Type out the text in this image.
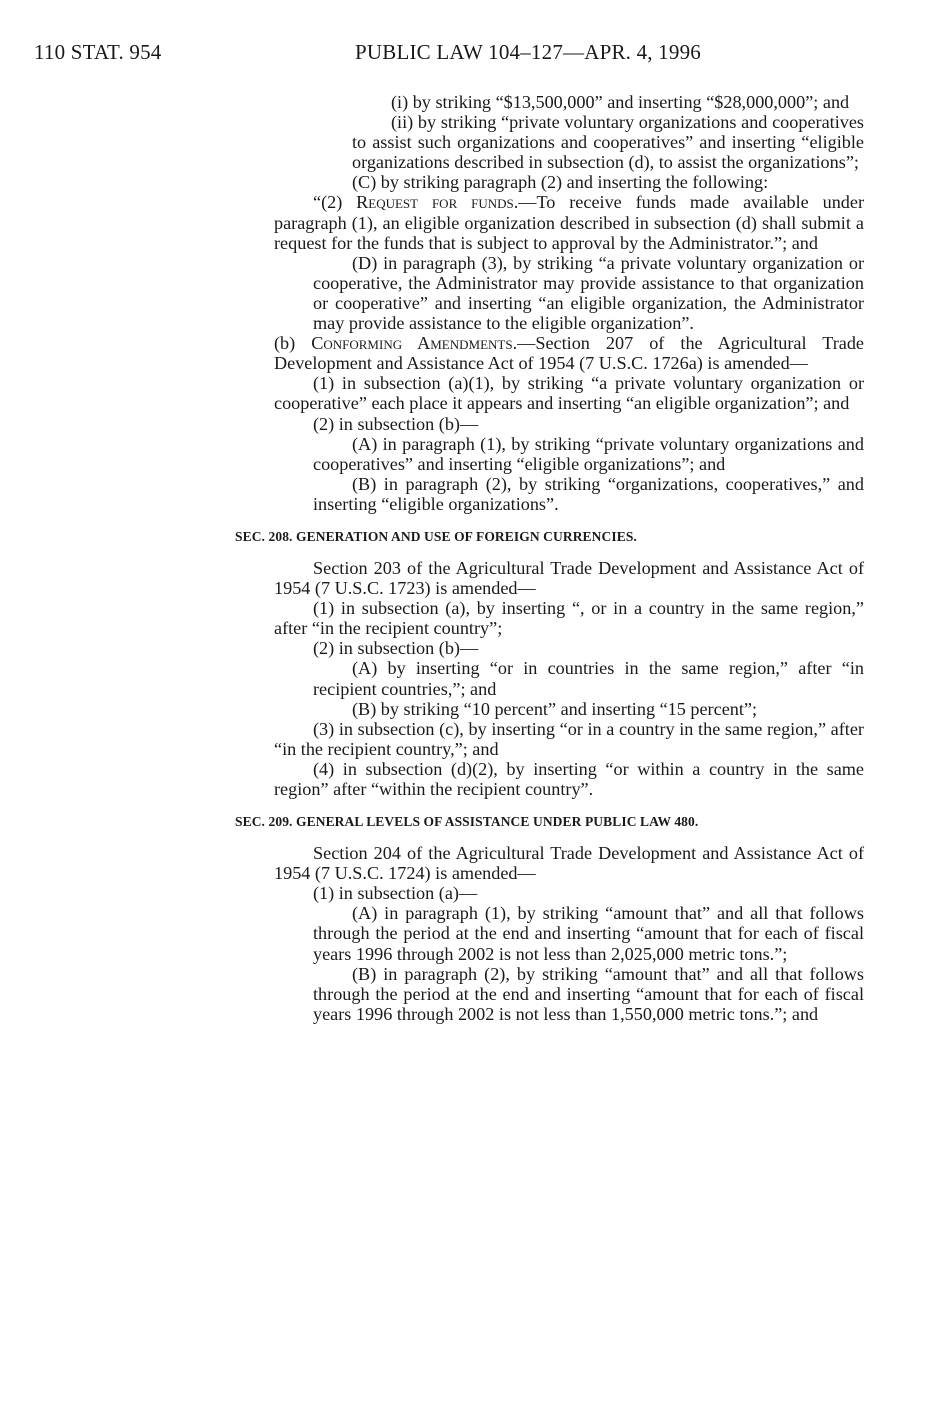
110 STAT. 954	PUBLIC LAW 104–127—APR. 4, 1996

(i) by striking “$13,500,000” and inserting “$28,000,000”; and

(ii) by striking “private voluntary organizations and cooperatives to assist such organizations and cooperatives” and inserting “eligible organizations described in subsection (d), to assist the organizations”;

(C) by striking paragraph (2) and inserting the following:

“(2) Request for funds.—To receive funds made available under paragraph (1), an eligible organization described in subsection (d) shall submit a request for the funds that is subject to approval by the Administrator.”; and

(D) in paragraph (3), by striking “a private voluntary organization or cooperative, the Administrator may provide assistance to that organization or cooperative” and inserting “an eligible organization, the Administrator may provide assistance to the eligible organization”.

(b) Conforming Amendments.—Section 207 of the Agricultural Trade Development and Assistance Act of 1954 (7 U.S.C. 1726a) is amended—

(1) in subsection (a)(1), by striking “a private voluntary organization or cooperative” each place it appears and inserting “an eligible organization”; and

(2) in subsection (b)—

(A) in paragraph (1), by striking “private voluntary organizations and cooperatives” and inserting “eligible organizations”; and

(B) in paragraph (2), by striking “organizations, cooperatives,” and inserting “eligible organizations”.

SEC. 208. GENERATION AND USE OF FOREIGN CURRENCIES.

Section 203 of the Agricultural Trade Development and Assistance Act of 1954 (7 U.S.C. 1723) is amended—

(1) in subsection (a), by inserting “, or in a country in the same region,” after “in the recipient country”;

(2) in subsection (b)—

(A) by inserting “or in countries in the same region,” after “in recipient countries,”; and

(B) by striking “10 percent” and inserting “15 percent”;

(3) in subsection (c), by inserting “or in a country in the same region,” after “in the recipient country,”; and

(4) in subsection (d)(2), by inserting “or within a country in the same region” after “within the recipient country”.

SEC. 209. GENERAL LEVELS OF ASSISTANCE UNDER PUBLIC LAW 480.

Section 204 of the Agricultural Trade Development and Assistance Act of 1954 (7 U.S.C. 1724) is amended—

(1) in subsection (a)—

(A) in paragraph (1), by striking “amount that” and all that follows through the period at the end and inserting “amount that for each of fiscal years 1996 through 2002 is not less than 2,025,000 metric tons.”;

(B) in paragraph (2), by striking “amount that” and all that follows through the period at the end and inserting “amount that for each of fiscal years 1996 through 2002 is not less than 1,550,000 metric tons.”; and
